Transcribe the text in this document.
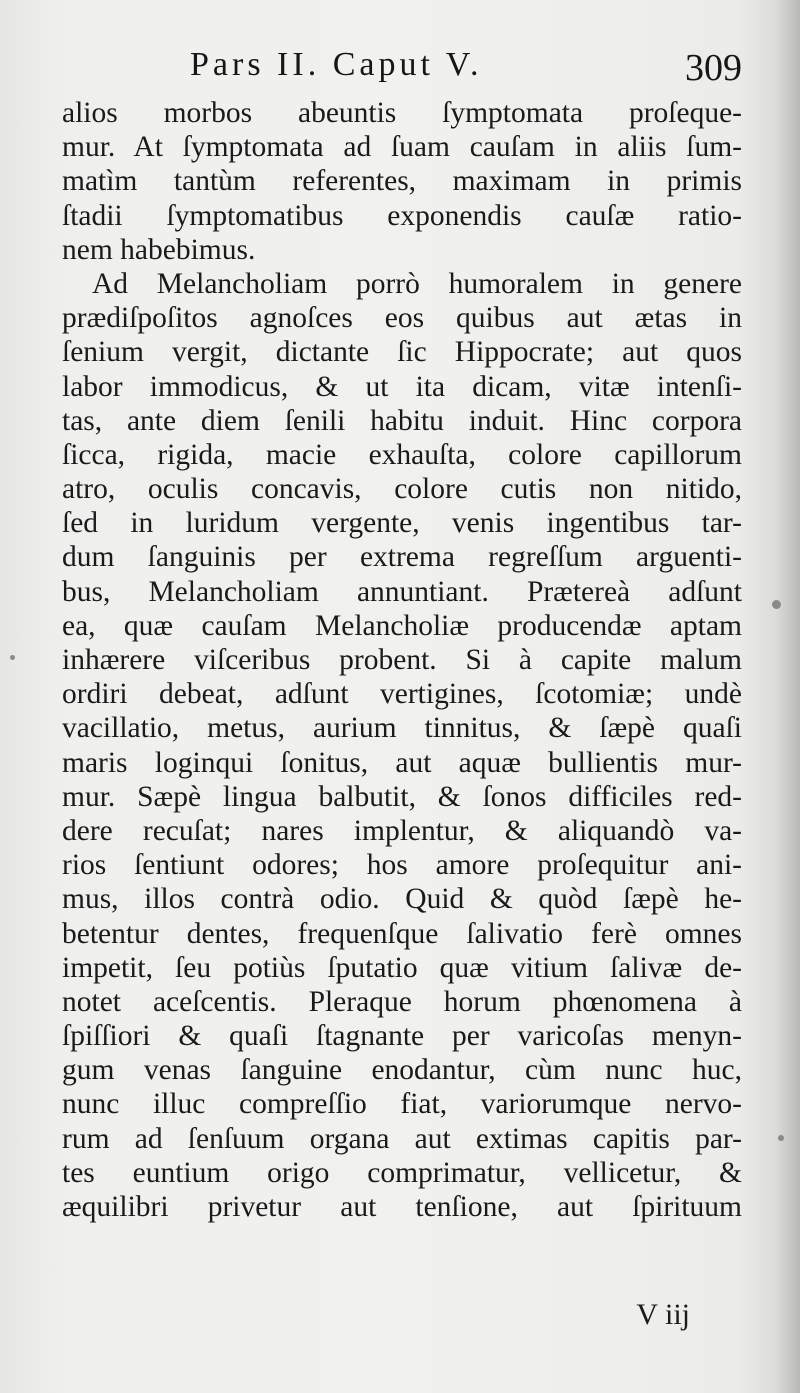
Pars II. Caput V.	309
alios morbos abeuntis ſymptomata proſeque-
mur. At ſymptomata ad ſuam cauſam in aliis ſum-
matìm tantùm referentes, maximam in primis
ſtadii ſymptomatibus exponendis cauſæ ratio-
nem habebimus.
Ad Melancholiam porrò humoralem in genere
prædiſpoſitos agnoſces eos quibus aut ætas in
ſenium vergit, dictante ſic Hippocrate; aut quos
labor immodicus, & ut ita dicam, vitæ intenſi-
tas, ante diem ſenili habitu induit. Hinc corpora
ſicca, rigida, macie exhauſta, colore capillorum
atro, oculis concavis, colore cutis non nitido,
ſed in luridum vergente, venis ingentibus tar-
dum ſanguinis per extrema regreſſum arguenti-
bus, Melancholiam annuntiant. Prætereà adſunt
ea, quæ cauſam Melancholiæ producendæ aptam
inhærere viſceribus probent. Si à capite malum
ordiri debeat, adſunt vertigines, ſcotomiæ; undè
vacillatio, metus, aurium tinnitus, & ſæpè quaſi
maris loginqui ſonitus, aut aquæ bullientis mur-
mur. Sæpè lingua balbutit, & ſonos difficiles red-
dere recuſat; nares implentur, & aliquandò va-
rios ſentiunt odores; hos amore proſequitur ani-
mus, illos contrà odio. Quid & quòd ſæpè he-
betentur dentes, frequenſque ſalivatio ferè omnes
impetit, ſeu potiùs ſputatio quæ vitium ſalivæ de-
notet aceſcentis. Pleraque horum phœnomena à
ſpiſſiori & quaſi ſtagnante per varicoſas menyn-
gum venas ſanguine enodantur, cùm nunc huc,
nunc illuc compreſſio fiat, variorumque nervo-
rum ad ſenſuum organa aut extimas capitis par-
tes euntium origo comprimatur, vellicetur, &
æquilibri privetur aut tenſione, aut ſpirituum
V iij
